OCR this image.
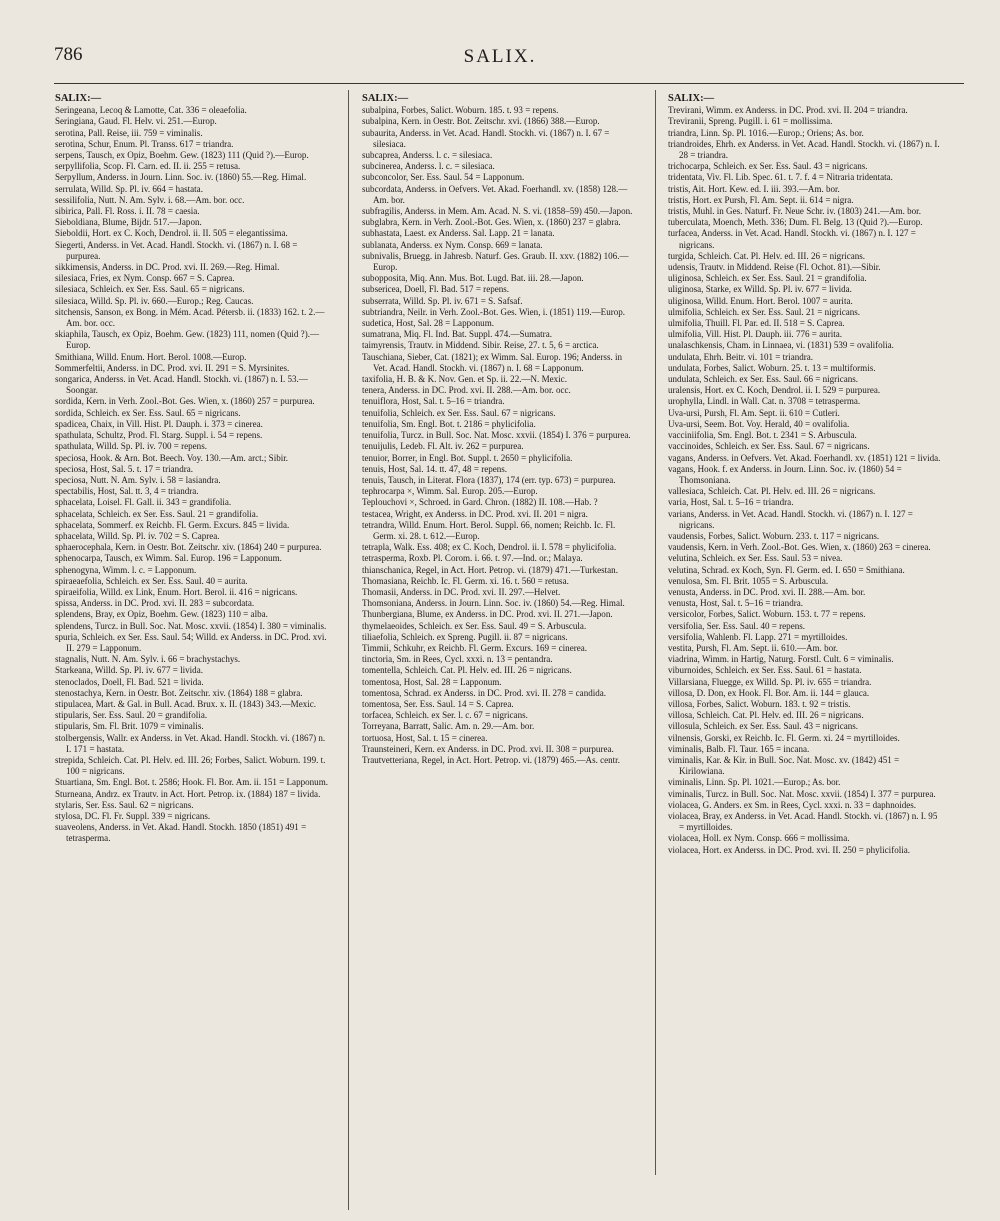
786	SALIX.
SALIX:—
Seringeana, Lecoq & Lamotte, Cat. 336 = oleaefolia.
Seringiana, Gaud. Fl. Helv. vi. 251.—Europ.
serotina, Pall. Reise, iii. 759 = viminalis.
serotina, Schur, Enum. Pl. Transs. 617 = triandra.
serpens, Tausch, ex Opiz, Boehm. Gew. (1823) 111 (Quid ?).—Europ.
serpyllifolia, Scop. Fl. Carn. ed. II. ii. 255 = retusa.
Serpyllum, Anderss. in Journ. Linn. Soc. iv. (1860) 55.—Reg. Himal.
serrulata, Willd. Sp. Pl. iv. 664 = hastata.
sessilifolia, Nutt. N. Am. Sylv. i. 68.—Am. bor. occ.
sibirica, Pall. Fl. Ross. i. II. 78 = caesia.
Sieboldiana, Blume, Bijdr. 517.—Japon.
Sieboldii, Hort. ex C. Koch, Dendrol. ii. II. 505 = elegantissima.
Siegerti, Anderss. in Vet. Acad. Handl. Stockh. vi. (1867) n. I. 68 = purpurea.
sikkimensis, Anderss. in DC. Prod. xvi. II. 269.—Reg. Himal.
silesiaca, Fries, ex Nym. Consp. 667 = S. Caprea.
silesiaca, Schleich. ex Ser. Ess. Saul. 65 = nigricans.
silesiaca, Willd. Sp. Pl. iv. 660.—Europ.; Reg. Caucas.
sitchensis, Sanson, ex Bong. in Mém. Acad. Pétersb. ii. (1833) 162. t. 2.—Am. bor. occ.
skiaphila, Tausch, ex Opiz, Boehm. Gew. (1823) 111, nomen (Quid ?).—Europ.
Smithiana, Willd. Enum. Hort. Berol. 1008.—Europ.
Sommerfeltii, Anderss. in DC. Prod. xvi. II. 291 = S. Myrsinites.
songarica, Anderss. in Vet. Acad. Handl. Stockh. vi. (1867) n. I. 53.—Soongar.
sordida, Kern. in Verh. Zool.-Bot. Ges. Wien, x. (1860) 257 = purpurea.
sordida, Schleich. ex Ser. Ess. Saul. 65 = nigricans.
spadicea, Chaix, in Vill. Hist. Pl. Dauph. i. 373 = cinerea.
spathulata, Schultz, Prod. Fl. Starg. Suppl. i. 54 = repens.
spathulata, Willd. Sp. Pl. iv. 700 = repens.
speciosa, Hook. & Arn. Bot. Beech. Voy. 130.—Am. arct.; Sibir.
speciosa, Host, Sal. 5. t. 17 = triandra.
speciosa, Nutt. N. Am. Sylv. i. 58 = lasiandra.
spectabilis, Host, Sal. tt. 3, 4 = triandra.
sphacelata, Loisel. Fl. Gall. ii. 343 = grandifolia.
sphacelata, Schleich. ex Ser. Ess. Saul. 21 = grandifolia.
sphacelata, Sommerf. ex Reichb. Fl. Germ. Excurs. 845 = livida.
sphacelata, Willd. Sp. Pl. iv. 702 = S. Caprea.
sphaerocephala, Kern. in Oestr. Bot. Zeitschr. xiv. (1864) 240 = purpurea.
sphenocarpa, Tausch, ex Wimm. Sal. Europ. 196 = Lapponum.
sphenogyna, Wimm. l. c. = Lapponum.
spiraeaefolia, Schleich. ex Ser. Ess. Saul. 40 = aurita.
spiraeifolia, Willd. ex Link, Enum. Hort. Berol. ii. 416 = nigricans.
spissa, Anderss. in DC. Prod. xvi. II. 283 = subcordata.
splendens, Bray, ex Opiz, Boehm. Gew. (1823) 110 = alba.
splendens, Turcz. in Bull. Soc. Nat. Mosc. xxvii. (1854) I. 380 = viminalis.
spuria, Schleich. ex Ser. Ess. Saul. 54; Willd. ex Anderss. in DC. Prod. xvi. II. 279 = Lapponum.
stagnalis, Nutt. N. Am. Sylv. i. 66 = brachystachys.
Starkeana, Willd. Sp. Pl. iv. 677 = livida.
stenoclados, Doell, Fl. Bad. 521 = livida.
stenostachya, Kern. in Oestr. Bot. Zeitschr. xiv. (1864) 188 = glabra.
stipulacea, Mart. & Gal. in Bull. Acad. Brux. x. II. (1843) 343.—Mexic.
stipularis, Ser. Ess. Saul. 20 = grandifolia.
stipularis, Sm. Fl. Brit. 1079 = viminalis.
stolbergensis, Wallr. ex Anderss. in Vet. Akad. Handl. Stockh. vi. (1867) n. I. 171 = hastata.
strepida, Schleich. Cat. Pl. Helv. ed. III. 26; Forbes, Salict. Woburn. 199. t. 100 = nigricans.
Stuartiana, Sm. Engl. Bot. t. 2586; Hook. Fl. Bor. Am. ii. 151 = Lapponum.
Sturneana, Andrz. ex Trautv. in Act. Hort. Petrop. ix. (1884) 187 = livida.
stylaris, Ser. Ess. Saul. 62 = nigricans.
stylosa, DC. Fl. Fr. Suppl. 339 = nigricans.
suaveolens, Anderss. in Vet. Akad. Handl. Stockh. 1850 (1851) 491 = tetrasperma.
SALIX:—
subalpina, Forbes, Salict. Woburn. 185. t. 93 = repens.
subalpina, Kern. in Oestr. Bot. Zeitschr. xvi. (1866) 388.—Europ.
subaurita, Anderss. in Vet. Acad. Handl. Stockh. vi. (1867) n. I. 67 = silesiaca.
subcaprea, Anderss. l. c. = silesiaca.
subcinerea, Anderss. l. c. = silesiaca.
subconcolor, Ser. Ess. Saul. 54 = Lapponum.
subcordata, Anderss. in Oefvers. Vet. Akad. Foerhandl. xv. (1858) 128.—Am. bor.
subfragilis, Anderss. in Mem. Am. Acad. N. S. vi. (1858–59) 450.—Japon.
subglabra, Kern. in Verh. Zool.-Bot. Ges. Wien, x. (1860) 237 = glabra.
subhastata, Laest. ex Anderss. Sal. Lapp. 21 = lanata.
sublanata, Anderss. ex Nym. Consp. 669 = lanata.
subnivalis, Bruegg. in Jahresb. Naturf. Ges. Graub. II. xxv. (1882) 106.—Europ.
subopposita, Miq. Ann. Mus. Bot. Lugd. Bat. iii. 28.—Japon.
subsericea, Doell, Fl. Bad. 517 = repens.
subserrata, Willd. Sp. Pl. iv. 671 = S. Safsaf.
subtriandra, Neilr. in Verh. Zool.-Bot. Ges. Wien, i. (1851) 119.—Europ.
sudetica, Host, Sal. 28 = Lapponum.
sumatrana, Miq. Fl. Ind. Bat. Suppl. 474.—Sumatra.
taimyrensis, Trautv. in Middend. Sibir. Reise, 27. t. 5, 6 = arctica.
Tauschiana, Sieber, Cat. (1821); ex Wimm. Sal. Europ. 196; Anderss. in Vet. Acad. Handl. Stockh. vi. (1867) n. I. 68 = Lapponum.
taxifolia, H. B. & K. Nov. Gen. et Sp. ii. 22.—N. Mexic.
tenera, Anderss. in DC. Prod. xvi. II. 288.—Am. bor. occ.
tenuiflora, Host, Sal. t. 5–16 = triandra.
tenuifolia, Schleich. ex Ser. Ess. Saul. 67 = nigricans.
tenuifolia, Sm. Engl. Bot. t. 2186 = phylicifolia.
tenuifolia, Turcz. in Bull. Soc. Nat. Mosc. xxvii. (1854) I. 376 = purpurea.
tenuijulis, Ledeb. Fl. Alt. iv. 262 = purpurea.
tenuior, Borrer, in Engl. Bot. Suppl. t. 2650 = phylicifolia.
tenuis, Host, Sal. 14. tt. 47, 48 = repens.
tenuis, Tausch, in Literat. Flora (1837), 174 (err. typ. 673) = purpurea.
tephrocarpa ×, Wimm. Sal. Europ. 205.—Europ.
Teplouchovi ×, Schroed. in Gard. Chron. (1882) II. 108.—Hab. ?
testacea, Wright, ex Anderss. in DC. Prod. xvi. II. 201 = nigra.
tetrandra, Willd. Enum. Hort. Berol. Suppl. 66, nomen; Reichb. Ic. Fl. Germ. xi. 28. t. 612.—Europ.
tetrapla, Walk. Ess. 408; ex C. Koch, Dendrol. ii. I. 578 = phylicifolia.
tetrasperma, Roxb. Pl. Corom. i. 66. t. 97.—Ind. or.; Malaya.
thianschanica, Regel, in Act. Hort. Petrop. vi. (1879) 471.—Turkestan.
Thomasiana, Reichb. Ic. Fl. Germ. xi. 16. t. 560 = retusa.
Thomasii, Anderss. in DC. Prod. xvi. II. 297.—Helvet.
Thomsoniana, Anderss. in Journ. Linn. Soc. iv. (1860) 54.—Reg. Himal.
Thunbergiana, Blume, ex Anderss. in DC. Prod. xvi. II. 271.—Japon.
thymelaeoides, Schleich. ex Ser. Ess. Saul. 49 = S. Arbuscula.
tiliaefolia, Schleich. ex Spreng. Pugill. ii. 87 = nigricans.
Timmii, Schkuhr, ex Reichb. Fl. Germ. Excurs. 169 = cinerea.
tinctoria, Sm. in Rees, Cycl. xxxi. n. 13 = pentandra.
tomentella, Schleich. Cat. Pl. Helv. ed. III. 26 = nigricans.
tomentosa, Host, Sal. 28 = Lapponum.
tomentosa, Schrad. ex Anderss. in DC. Prod. xvi. II. 278 = candida.
tomentosa, Ser. Ess. Saul. 14 = S. Caprea.
torfacea, Schleich. ex Ser. l. c. 67 = nigricans.
Torreyana, Barratt, Salic. Am. n. 29.—Am. bor.
tortuosa, Host, Sal. t. 15 = cinerea.
Traunsteineri, Kern. ex Anderss. in DC. Prod. xvi. II. 308 = purpurea.
Trautvetteriana, Regel, in Act. Hort. Petrop. vi. (1879) 465.—As. centr.
SALIX:—
Trevirani, Wimm. ex Anderss. in DC. Prod. xvi. II. 204 = triandra.
Treviranii, Spreng. Pugill. i. 61 = mollissima.
triandra, Linn. Sp. Pl. 1016.—Europ.; Oriens; As. bor.
triandroides, Ehrh. ex Anderss. in Vet. Acad. Handl. Stockh. vi. (1867) n. I. 28 = triandra.
trichocarpa, Schleich. ex Ser. Ess. Saul. 43 = nigricans.
tridentata, Viv. Fl. Lib. Spec. 61. t. 7. f. 4 = Nitraria tridentata.
tristis, Ait. Hort. Kew. ed. I. iii. 393.—Am. bor.
tristis, Hort. ex Pursh, Fl. Am. Sept. ii. 614 = nigra.
tristis, Muhl. in Ges. Naturf. Fr. Neue Schr. iv. (1803) 241.—Am. bor.
tuberculata, Moench, Meth. 336; Dum. Fl. Belg. 13 (Quid ?).—Europ.
turfacea, Anderss. in Vet. Acad. Handl. Stockh. vi. (1867) n. I. 127 = nigricans.
turgida, Schleich. Cat. Pl. Helv. ed. III. 26 = nigricans.
udensis, Trautv. in Middend. Reise (Fl. Ochot. 81).—Sibir.
uliginosa, Schleich. ex Ser. Ess. Saul. 21 = grandifolia.
uliginosa, Starke, ex Willd. Sp. Pl. iv. 677 = livida.
uliginosa, Willd. Enum. Hort. Berol. 1007 = aurita.
ulmifolia, Schleich. ex Ser. Ess. Saul. 21 = nigricans.
ulmifolia, Thuill. Fl. Par. ed. II. 518 = S. Caprea.
ulmifolia, Vill. Hist. Pl. Dauph. iii. 776 = aurita.
unalaschkensis, Cham. in Linnaea, vi. (1831) 539 = ovalifolia.
undulata, Ehrh. Beitr. vi. 101 = triandra.
undulata, Forbes, Salict. Woburn. 25. t. 13 = multiformis.
undulata, Schleich. ex Ser. Ess. Saul. 66 = nigricans.
uralensis, Hort. ex C. Koch, Dendrol. ii. I. 529 = purpurea.
urophylla, Lindl. in Wall. Cat. n. 3708 = tetrasperma.
Uva-ursi, Pursh, Fl. Am. Sept. ii. 610 = Cutleri.
Uva-ursi, Seem. Bot. Voy. Herald, 40 = ovalifolia.
vacciniifolia, Sm. Engl. Bot. t. 2341 = S. Arbuscula.
vaccinoides, Schleich. ex Ser. Ess. Saul. 67 = nigricans.
vagans, Anderss. in Oefvers. Vet. Akad. Foerhandl. xv. (1851) 121 = livida.
vagans, Hook. f. ex Anderss. in Journ. Linn. Soc. iv. (1860) 54 = Thomsoniana.
vallesiaca, Schleich. Cat. Pl. Helv. ed. III. 26 = nigricans.
varia, Host, Sal. t. 5–16 = triandra.
varians, Anderss. in Vet. Acad. Handl. Stockh. vi. (1867) n. I. 127 = nigricans.
vaudensis, Forbes, Salict. Woburn. 233. t. 117 = nigricans.
vaudensis, Kern. in Verh. Zool.-Bot. Ges. Wien, x. (1860) 263 = cinerea.
velutina, Schleich. ex Ser. Ess. Saul. 53 = nivea.
velutina, Schrad. ex Koch, Syn. Fl. Germ. ed. I. 650 = Smithiana.
venulosa, Sm. Fl. Brit. 1055 = S. Arbuscula.
venusta, Anderss. in DC. Prod. xvi. II. 288.—Am. bor.
venusta, Host, Sal. t. 5–16 = triandra.
versicolor, Forbes, Salict. Woburn. 153. t. 77 = repens.
versifolia, Ser. Ess. Saul. 40 = repens.
versifolia, Wahlenb. Fl. Lapp. 271 = myrtilloides.
vestita, Pursh, Fl. Am. Sept. ii. 610.—Am. bor.
viadrina, Wimm. in Hartig, Naturg. Forstl. Cult. 6 = viminalis.
viburnoides, Schleich. ex Ser. Ess. Saul. 61 = hastata.
Villarsiana, Fluegge, ex Willd. Sp. Pl. iv. 655 = triandra.
villosa, D. Don, ex Hook. Fl. Bor. Am. ii. 144 = glauca.
villosa, Forbes, Salict. Woburn. 183. t. 92 = tristis.
villosa, Schleich. Cat. Pl. Helv. ed. III. 26 = nigricans.
villosula, Schleich. ex Ser. Ess. Saul. 43 = nigricans.
vilnensis, Gorski, ex Reichb. Ic. Fl. Germ. xi. 24 = myrtilloides.
viminalis, Balb. Fl. Taur. 165 = incana.
viminalis, Kar. & Kir. in Bull. Soc. Nat. Mosc. xv. (1842) 451 = Kirilowiana.
viminalis, Linn. Sp. Pl. 1021.—Europ.; As. bor.
viminalis, Turcz. in Bull. Soc. Nat. Mosc. xxvii. (1854) I. 377 = purpurea.
violacea, G. Anders. ex Sm. in Rees, Cycl. xxxi. n. 33 = daphnoides.
violacea, Bray, ex Anderss. in Vet. Acad. Handl. Stockh. vi. (1867) n. I. 95 = myrtilloides.
violacea, Holl. ex Nym. Consp. 666 = mollissima.
violacea, Hort. ex Anderss. in DC. Prod. xvi. II. 250 = phylicifolia.
